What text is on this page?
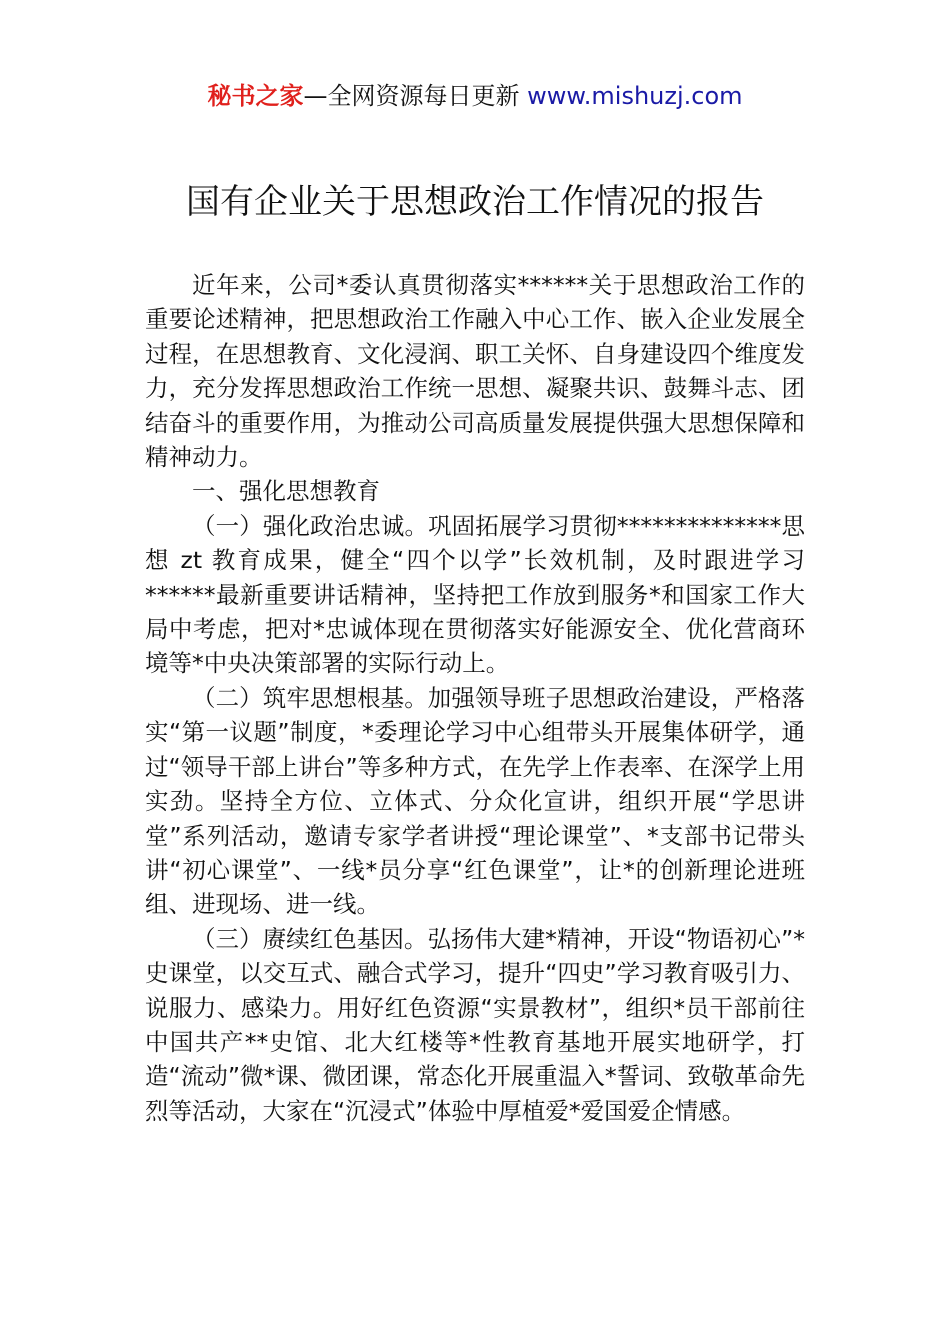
秘书之家—全网资源每日更新 www.mishuzj.com
国有企业关于思想政治工作情况的报告

近年来，公司*委认真贯彻落实******关于思想政治工作的重要论述精神，把思想政治工作融入中心工作、嵌入企业发展全过程，在思想教育、文化浸润、职工关怀、自身建设四个维度发力，充分发挥思想政治工作统一思想、凝聚共识、鼓舞斗志、团结奋斗的重要作用，为推动公司高质量发展提供强大思想保障和精神动力。

一、强化思想教育

（一）强化政治忠诚。巩固拓展学习贯彻**************思想 zt 教育成果，健全“四个以学”长效机制，及时跟进学习******最新重要讲话精神，坚持把工作放到服务*和国家工作大局中考虑，把对*忠诚体现在贯彻落实好能源安全、优化营商环境等*中央决策部署的实际行动上。

（二）筑牢思想根基。加强领导班子思想政治建设，严格落实“第一议题”制度，*委理论学习中心组带头开展集体研学，通过“领导干部上讲台”等多种方式，在先学上作表率、在深学上用实劲。坚持全方位、立体式、分众化宣讲，组织开展“学思讲堂”系列活动，邀请专家学者讲授“理论课堂”、*支部书记带头讲“初心课堂”、一线*员分享“红色课堂”，让*的创新理论进班组、进现场、进一线。

（三）赓续红色基因。弘扬伟大建*精神，开设“物语初心”*史课堂，以交互式、融合式学习，提升“四史”学习教育吸引力、说服力、感染力。用好红色资源“实景教材”，组织*员干部前往中国共产**史馆、北大红楼等*性教育基地开展实地研学，打造“流动”微*课、微团课，常态化开展重温入*誓词、致敬革命先烈等活动，大家在“沉浸式”体验中厚植爱*爱国爱企情感。
